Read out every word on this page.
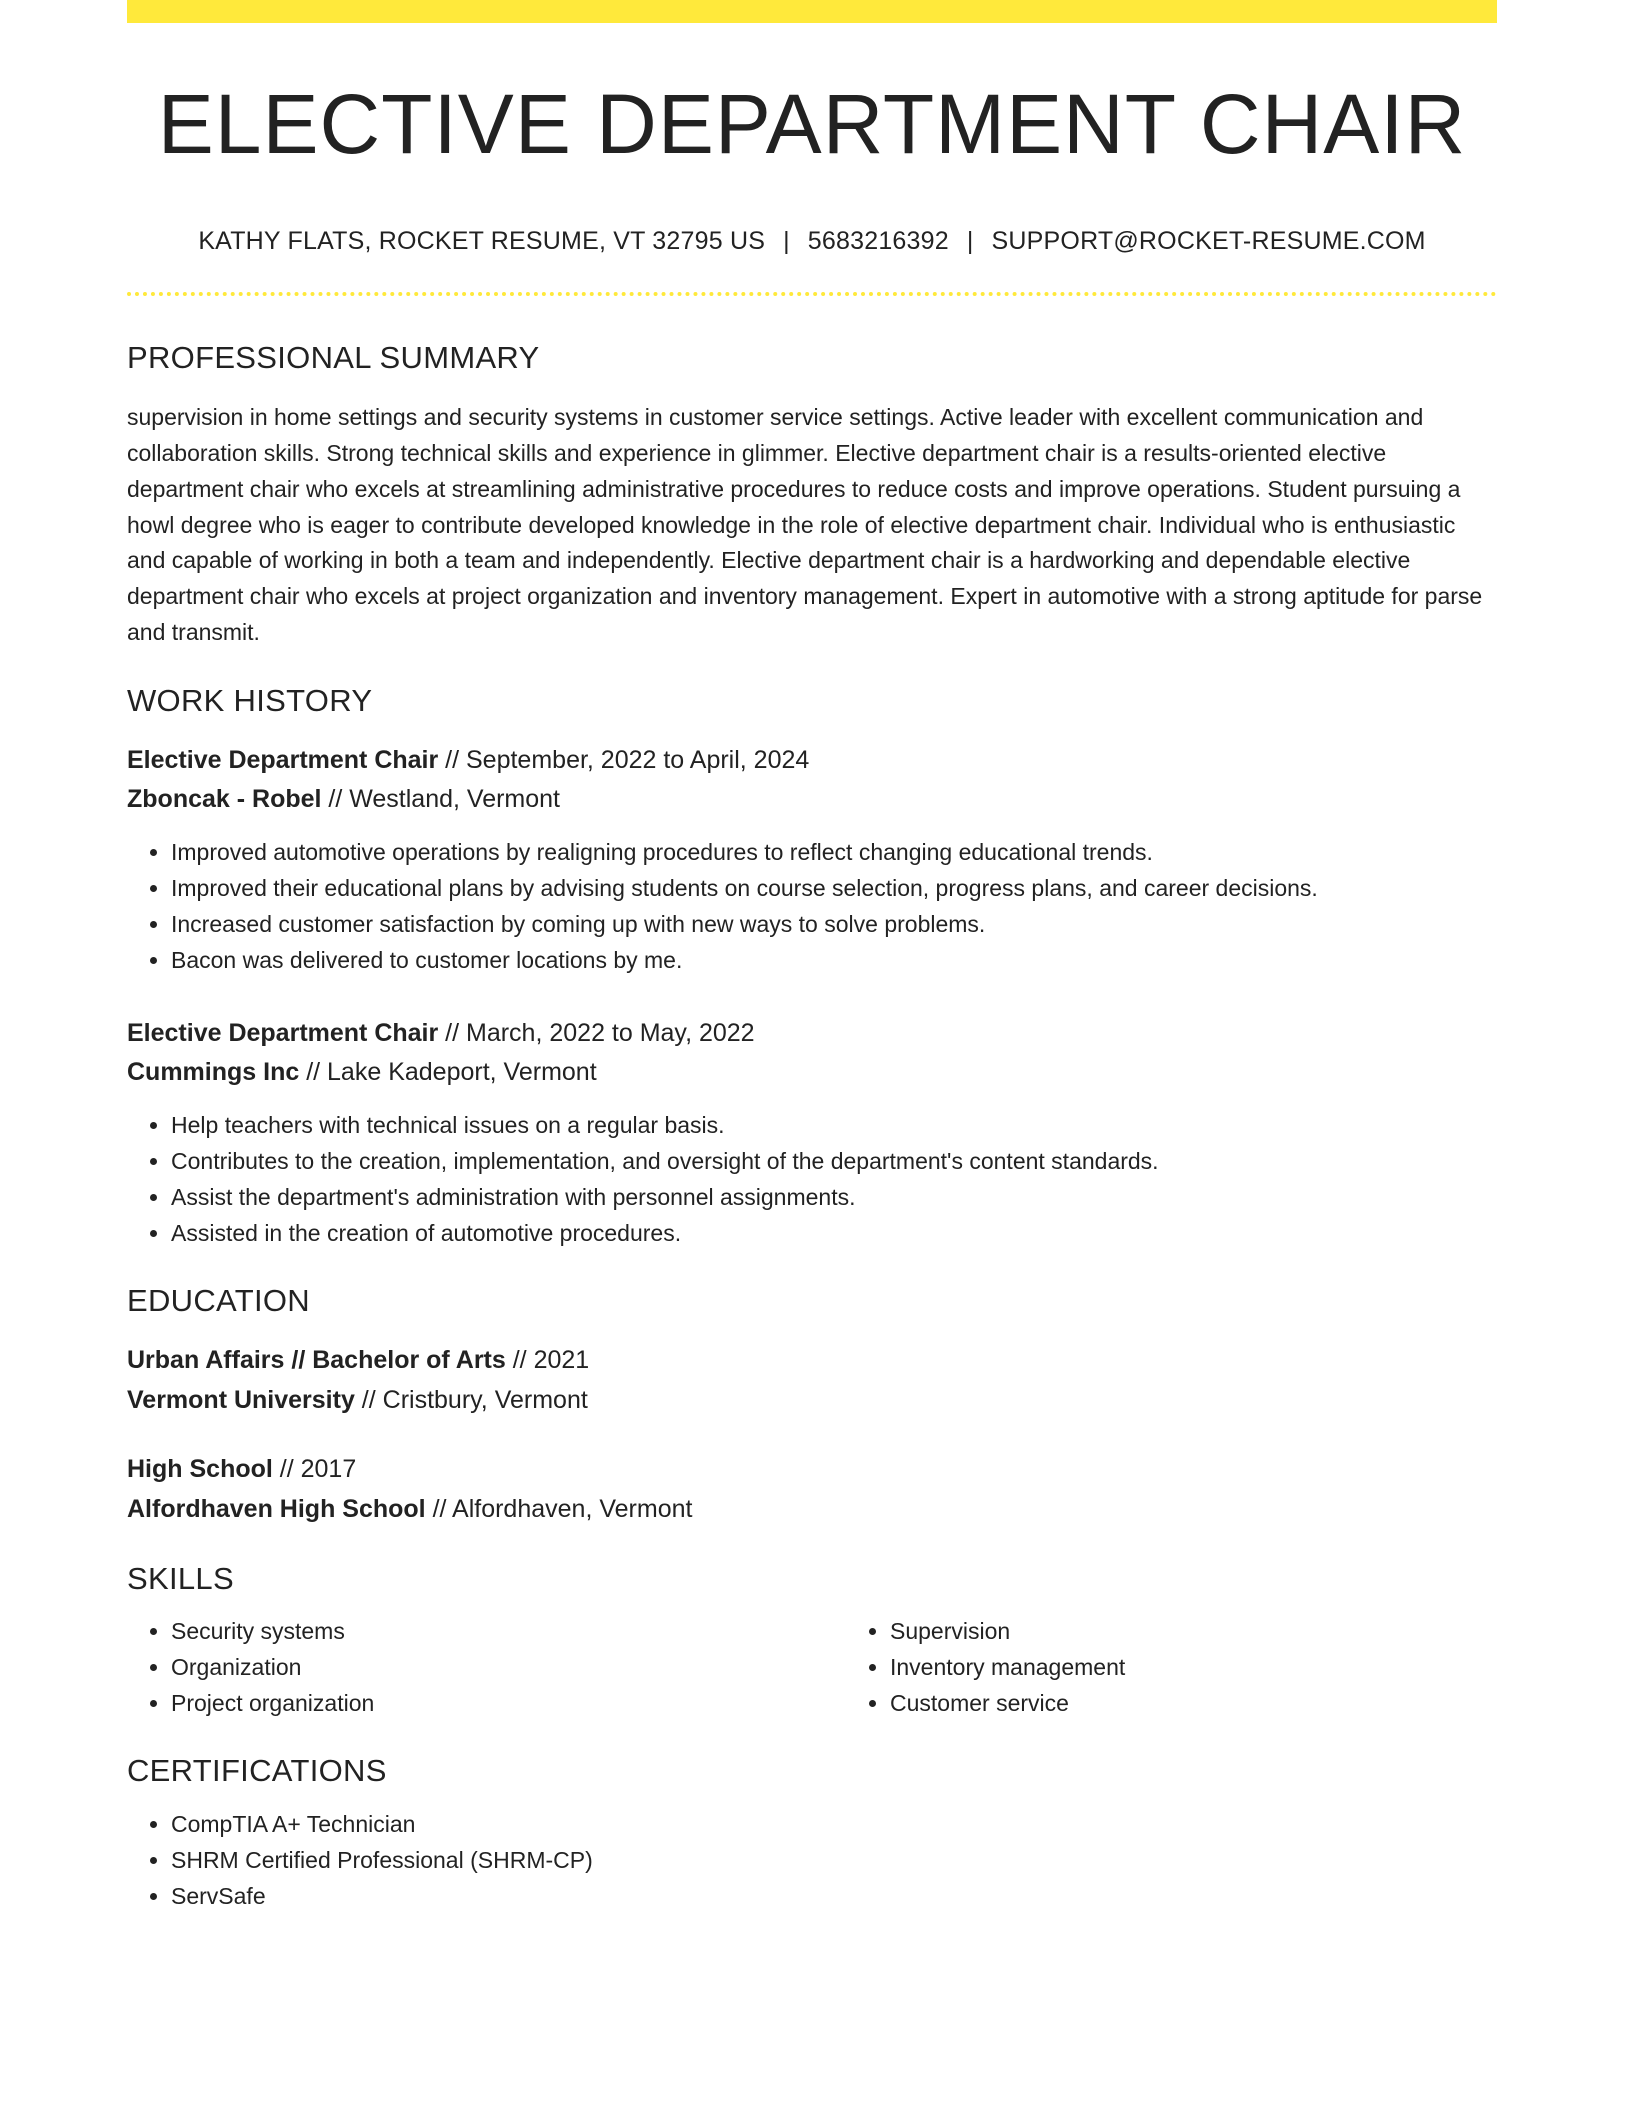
ELECTIVE DEPARTMENT CHAIR
KATHY FLATS, ROCKET RESUME, VT 32795 US | 5683216392 | SUPPORT@ROCKET-RESUME.COM
PROFESSIONAL SUMMARY
supervision in home settings and security systems in customer service settings. Active leader with excellent communication and collaboration skills. Strong technical skills and experience in glimmer. Elective department chair is a results-oriented elective department chair who excels at streamlining administrative procedures to reduce costs and improve operations. Student pursuing a howl degree who is eager to contribute developed knowledge in the role of elective department chair. Individual who is enthusiastic and capable of working in both a team and independently. Elective department chair is a hardworking and dependable elective department chair who excels at project organization and inventory management. Expert in automotive with a strong aptitude for parse and transmit.
WORK HISTORY
Elective Department Chair // September, 2022 to April, 2024
Zboncak - Robel // Westland, Vermont
• Improved automotive operations by realigning procedures to reflect changing educational trends.
• Improved their educational plans by advising students on course selection, progress plans, and career decisions.
• Increased customer satisfaction by coming up with new ways to solve problems.
• Bacon was delivered to customer locations by me.
Elective Department Chair // March, 2022 to May, 2022
Cummings Inc // Lake Kadeport, Vermont
• Help teachers with technical issues on a regular basis.
• Contributes to the creation, implementation, and oversight of the department's content standards.
• Assist the department's administration with personnel assignments.
• Assisted in the creation of automotive procedures.
EDUCATION
Urban Affairs // Bachelor of Arts // 2021
Vermont University // Cristbury, Vermont
High School // 2017
Alfordhaven High School // Alfordhaven, Vermont
SKILLS
• Security systems
• Organization
• Project organization
• Supervision
• Inventory management
• Customer service
CERTIFICATIONS
• CompTIA A+ Technician
• SHRM Certified Professional (SHRM-CP)
• ServSafe
